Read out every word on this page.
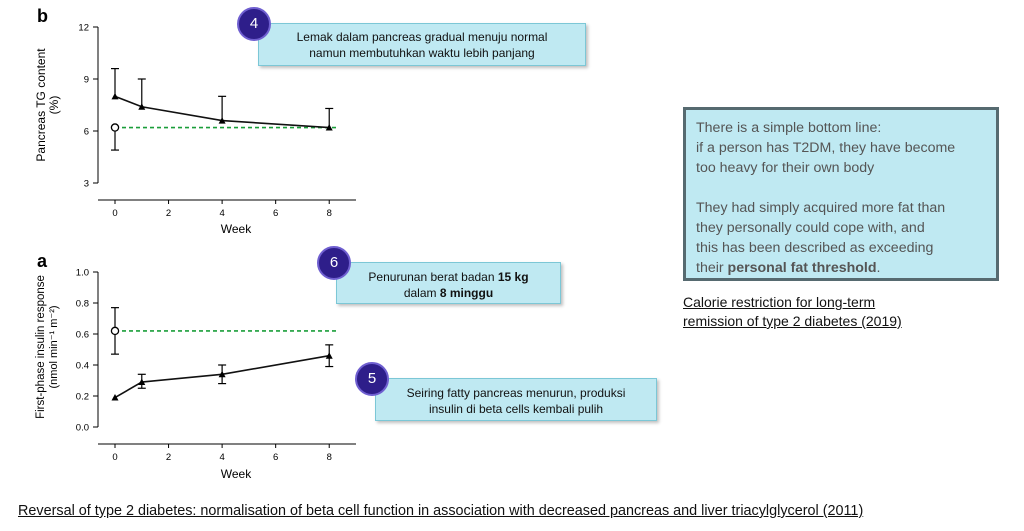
b
a
3
6
9
12
0	2	4	6	8
Week
Pancreas TG content (%)
0.0
0.2
0.4
0.6
0.8
1.0
0	2	4	6	8
Week
First-phase insulin response (nmol min⁻¹ m⁻²)
Lemak dalam pancreas gradual menuju normal
namun membutuhkan waktu lebih panjang
4
Penurunan berat badan 15 kg
dalam 8 minggu
6
Seiring fatty pancreas menurun, produksi
insulin di beta cells kembali pulih
5

There is a simple bottom line:
if a person has T2DM, they have become
too heavy for their own body

They had simply acquired more fat than
they personally could cope with, and
this has been described as exceeding
their personal fat threshold.

Calorie restriction for long-term
remission of type 2 diabetes (2019)
Reversal of type 2 diabetes: normalisation of beta cell function in association with decreased pancreas and liver triacylglycerol (2011)
